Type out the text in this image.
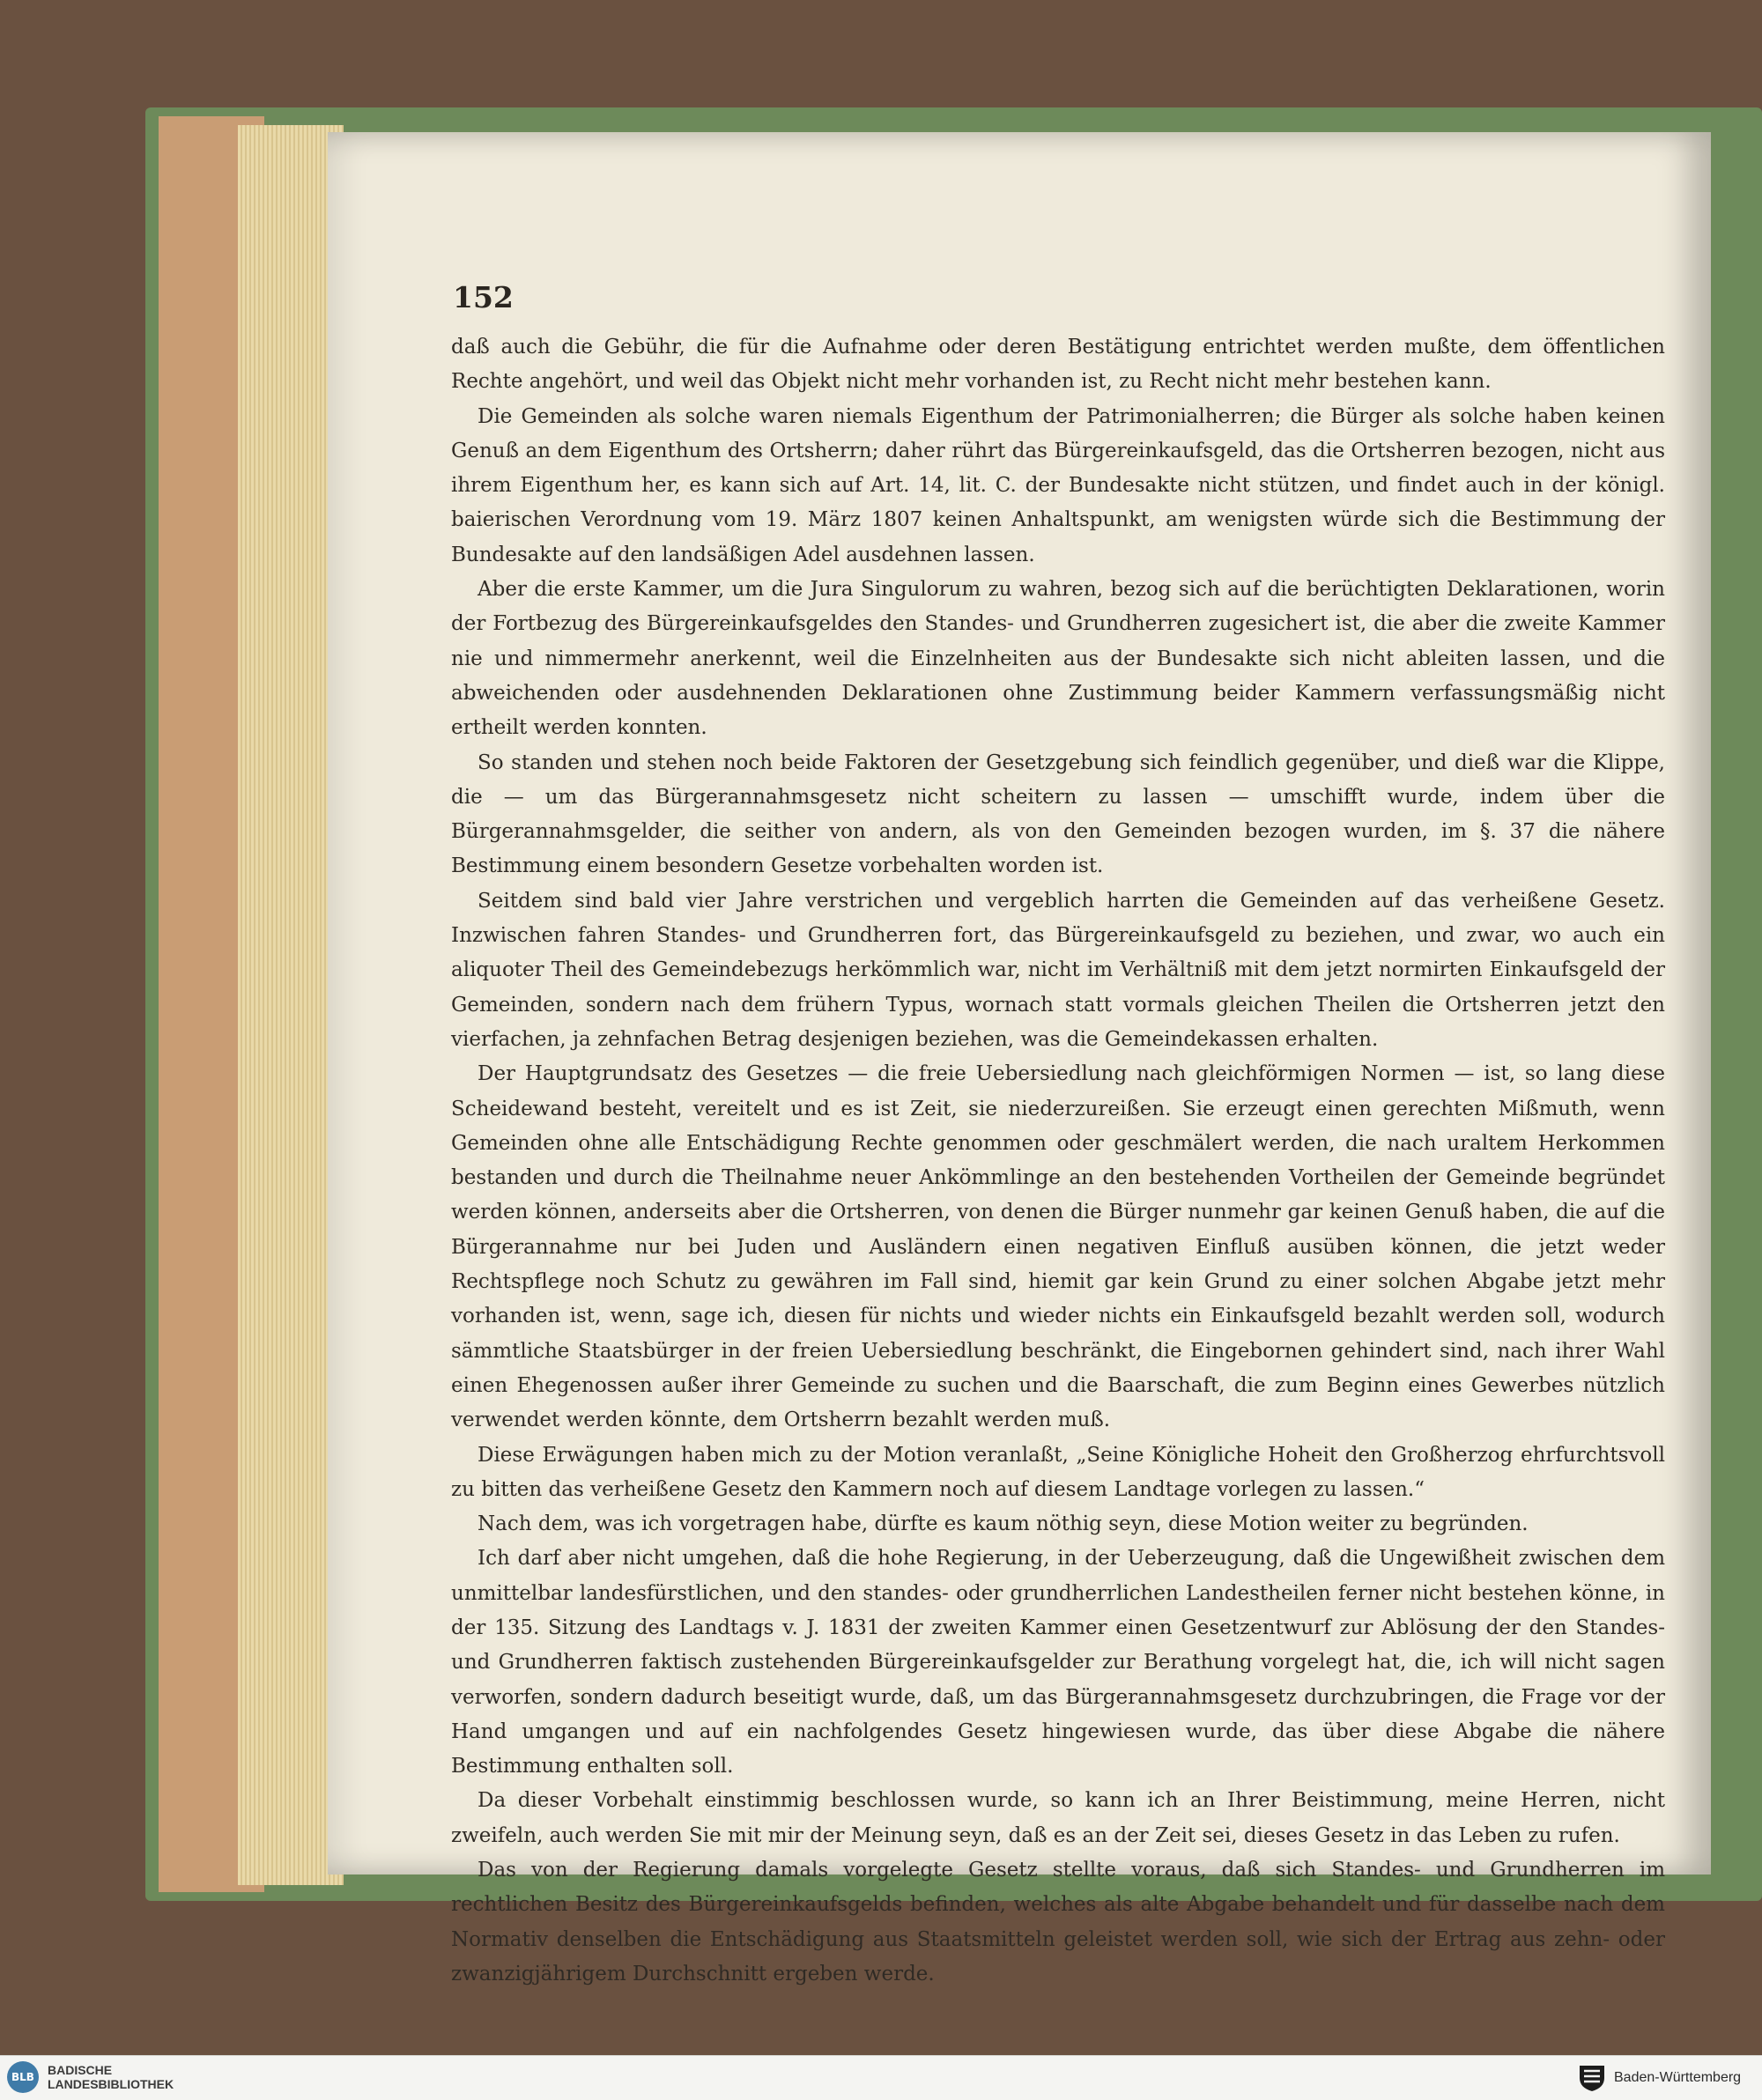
152

daß auch die Gebühr, die für die Aufnahme oder deren Bestätigung entrichtet werden mußte, dem öffentlichen Rechte angehört, und weil das Objekt nicht mehr vorhanden ist, zu Recht nicht mehr bestehen kann.

Die Gemeinden als solche waren niemals Eigenthum der Patrimonialherren; die Bürger als solche haben keinen Genuß an dem Eigenthum des Ortsherrn; daher rührt das Bürgereinkaufsgeld, das die Ortsherren bezogen, nicht aus ihrem Eigenthum her, es kann sich auf Art. 14, lit. C. der Bundesakte nicht stützen, und findet auch in der königl. baierischen Verordnung vom 19. März 1807 keinen Anhaltspunkt, am wenigsten würde sich die Bestimmung der Bundesakte auf den landsäßigen Adel ausdehnen lassen.

Aber die erste Kammer, um die Jura Singulorum zu wahren, bezog sich auf die berüchtigten Deklarationen, worin der Fortbezug des Bürgereinkaufsgeldes den Standes- und Grundherren zugesichert ist, die aber die zweite Kammer nie und nimmermehr anerkennt, weil die Einzelnheiten aus der Bundesakte sich nicht ableiten lassen, und die abweichenden oder ausdehnenden Deklarationen ohne Zustimmung beider Kammern verfassungsmäßig nicht ertheilt werden konnten.

So standen und stehen noch beide Faktoren der Gesetzgebung sich feindlich gegenüber, und dieß war die Klippe, die — um das Bürgerannahmsgesetz nicht scheitern zu lassen — umschifft wurde, indem über die Bürgerannahmsgelder, die seither von andern, als von den Gemeinden bezogen wurden, im §. 37 die nähere Bestimmung einem besondern Gesetze vorbehalten worden ist.

Seitdem sind bald vier Jahre verstrichen und vergeblich harrten die Gemeinden auf das verheißene Gesetz. Inzwischen fahren Standes- und Grundherren fort, das Bürgereinkaufsgeld zu beziehen, und zwar, wo auch ein aliquoter Theil des Gemeindebezugs herkömmlich war, nicht im Verhältniß mit dem jetzt normirten Einkaufsgeld der Gemeinden, sondern nach dem frühern Typus, wornach statt vormals gleichen Theilen die Ortsherren jetzt den vierfachen, ja zehnfachen Betrag desjenigen beziehen, was die Gemeindekassen erhalten.

Der Hauptgrundsatz des Gesetzes — die freie Uebersiedlung nach gleichförmigen Normen — ist, so lang diese Scheidewand besteht, vereitelt und es ist Zeit, sie niederzureißen. Sie erzeugt einen gerechten Mißmuth, wenn Gemeinden ohne alle Entschädigung Rechte genommen oder geschmälert werden, die nach uraltem Herkommen bestanden und durch die Theilnahme neuer Ankömmlinge an den bestehenden Vortheilen der Gemeinde begründet werden können, anderseits aber die Ortsherren, von denen die Bürger nunmehr gar keinen Genuß haben, die auf die Bürgerannahme nur bei Juden und Ausländern einen negativen Einfluß ausüben können, die jetzt weder Rechtspflege noch Schutz zu gewähren im Fall sind, hiemit gar kein Grund zu einer solchen Abgabe jetzt mehr vorhanden ist, wenn, sage ich, diesen für nichts und wieder nichts ein Einkaufsgeld bezahlt werden soll, wodurch sämmtliche Staatsbürger in der freien Uebersiedlung beschränkt, die Eingebornen gehindert sind, nach ihrer Wahl einen Ehegenossen außer ihrer Gemeinde zu suchen und die Baarschaft, die zum Beginn eines Gewerbes nützlich verwendet werden könnte, dem Ortsherrn bezahlt werden muß.

Diese Erwägungen haben mich zu der Motion veranlaßt, „Seine Königliche Hoheit den Großherzog ehrfurchtsvoll zu bitten das verheißene Gesetz den Kammern noch auf diesem Landtage vorlegen zu lassen.“

Nach dem, was ich vorgetragen habe, dürfte es kaum nöthig seyn, diese Motion weiter zu begründen.

Ich darf aber nicht umgehen, daß die hohe Regierung, in der Ueberzeugung, daß die Ungewißheit zwischen dem unmittelbar landesfürstlichen, und den standes- oder grundherrlichen Landestheilen ferner nicht bestehen könne, in der 135. Sitzung des Landtags v. J. 1831 der zweiten Kammer einen Gesetzentwurf zur Ablösung der den Standes- und Grundherren faktisch zustehenden Bürgereinkaufsgelder zur Berathung vorgelegt hat, die, ich will nicht sagen verworfen, sondern dadurch beseitigt wurde, daß, um das Bürgerannahmsgesetz durchzubringen, die Frage vor der Hand umgangen und auf ein nachfolgendes Gesetz hingewiesen wurde, das über diese Abgabe die nähere Bestimmung enthalten soll.

Da dieser Vorbehalt einstimmig beschlossen wurde, so kann ich an Ihrer Beistimmung, meine Herren, nicht zweifeln, auch werden Sie mit mir der Meinung seyn, daß es an der Zeit sei, dieses Gesetz in das Leben zu rufen.

Das von der Regierung damals vorgelegte Gesetz stellte voraus, daß sich Standes- und Grundherren im rechtlichen Besitz des Bürgereinkaufsgelds befinden, welches als alte Abgabe behandelt und für dasselbe nach dem Normativ denselben die Entschädigung aus Staatsmitteln geleistet werden soll, wie sich der Ertrag aus zehn- oder zwanzigjährigem Durchschnitt ergeben werde.

BLB	BADISCHE
LANDESBIBLIOTHEK	Baden-Württemberg
